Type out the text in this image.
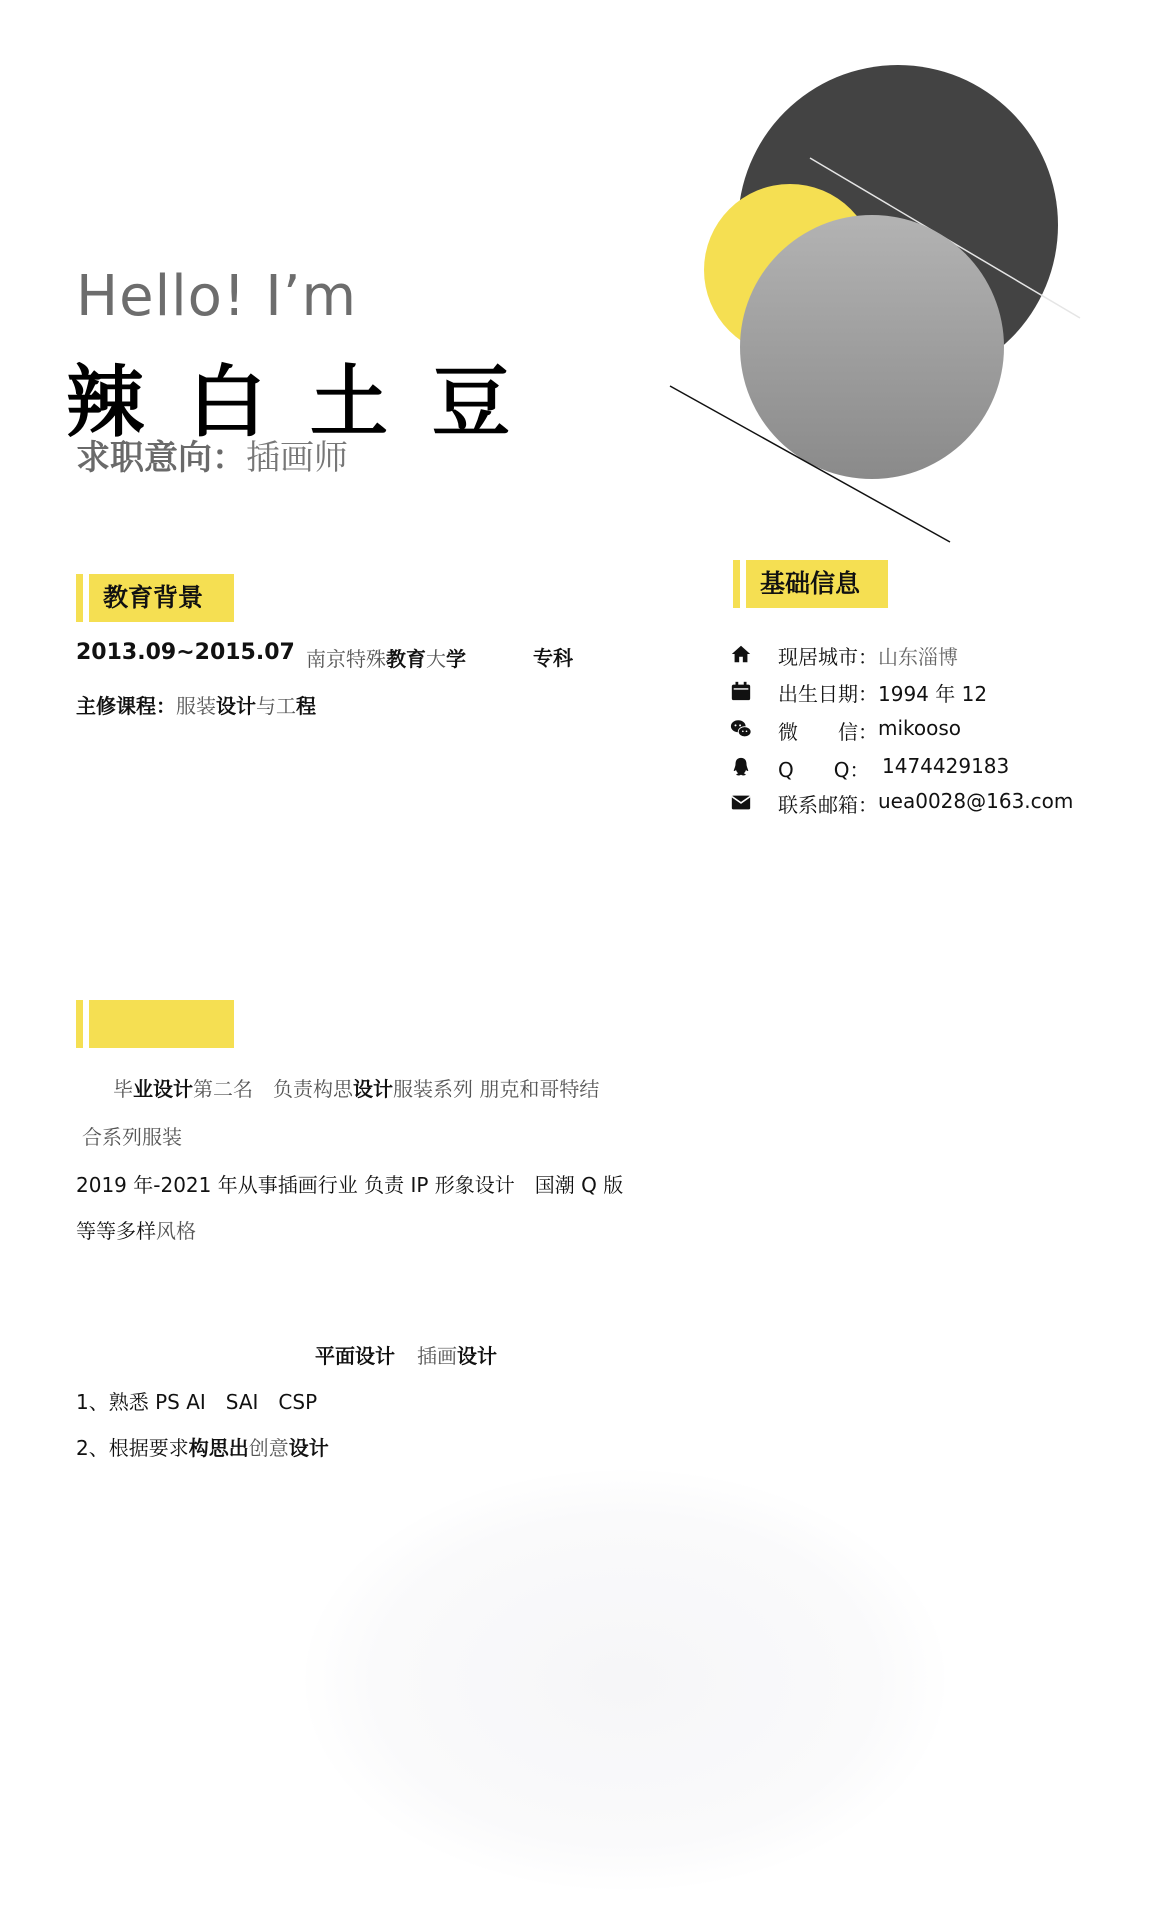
Hello! I’m
辣白土豆
求职意向：插画师
教育背景
2013.09~2015.07 南京特殊教育大学	专科
主修课程：服装设计与工程
基础信息
现居城市： 山东淄博
出生日期： 1994 年 12
微　　信： mikooso
Q　　Q： 1474429183
联系邮箱： uea0028@163.com
毕业设计第二名　负责构思设计服装系列 朋克和哥特结
合系列服装
2019 年-2021 年从事插画行业 负责 IP 形象设计　国潮 Q 版
等等多样风格
平面设计 插画设计
1、熟悉 PS AI　SAI　CSP
2、根据要求构思出创意设计
